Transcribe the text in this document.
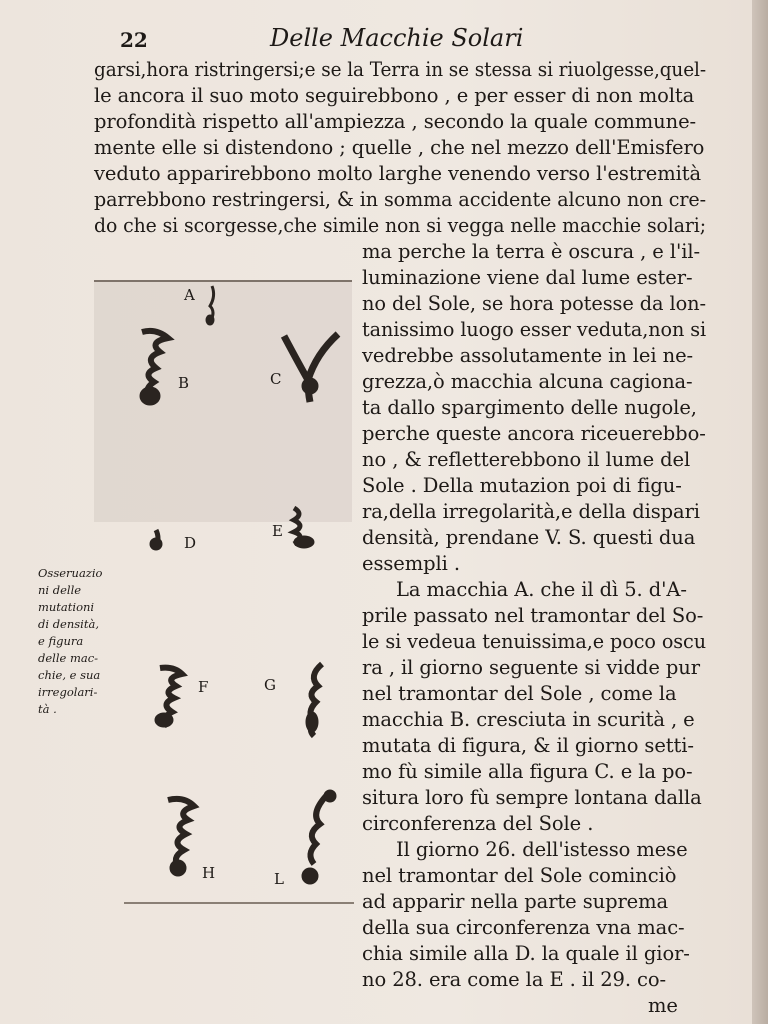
22	Delle Macchie Solari
garsi,hora ristringersi;e se la Terra in se stessa si riuolgesse,quel-
le ancora il suo moto seguirebbono , e per esser di non molta
profondità rispetto all'ampiezza , secondo la quale commune-
mente elle si distendono ; quelle , che nel mezzo dell'Emisfero
veduto apparirebbono molto larghe venendo verso l'estremità
parrebbono restringersi, & in somma accidente alcuno non cre-
do che si scorgesse,che simile non si vegga nelle macchie solari;
ma perche la terra è oscura , e l'il-
luminazione viene dal lume ester-
no del Sole, se hora potesse da lon-
tanissimo luogo esser veduta,non si
vedrebbe assolutamente in lei ne-
grezza,ò macchia alcuna cagiona-
ta dallo spargimento delle nugole,
perche queste ancora riceuerebbo-
no , & refletterebbono il lume del
Sole . Della mutazion poi di figu-
ra,della irregolarità,e della dispari
densità, prendane V. S. questi dua
essempli .
La macchia A. che il dì 5. d'A-
prile passato nel tramontar del So-
le si vedeua tenuissima,e poco oscu
ra , il giorno seguente si vidde pur
nel tramontar del Sole , come la
macchia B. cresciuta in scurità , e
mutata di figura, & il giorno setti-
mo fù simile alla figura C. e la po-
situra loro fù sempre lontana dalla
circonferenza del Sole .
Il giorno 26. dell'istesso mese
nel tramontar del Sole cominciò
ad apparir nella parte suprema
della sua circonferenza vna mac-
chia simile alla D. la quale il gior-
no 28. era come la E . il 29. co-
me
Osseruazio
ni delle
mutationi
di densità,
e figura
delle mac-
chie, e sua
irregolari-
tà .
A
B	C
D
E
F	G
H	L
